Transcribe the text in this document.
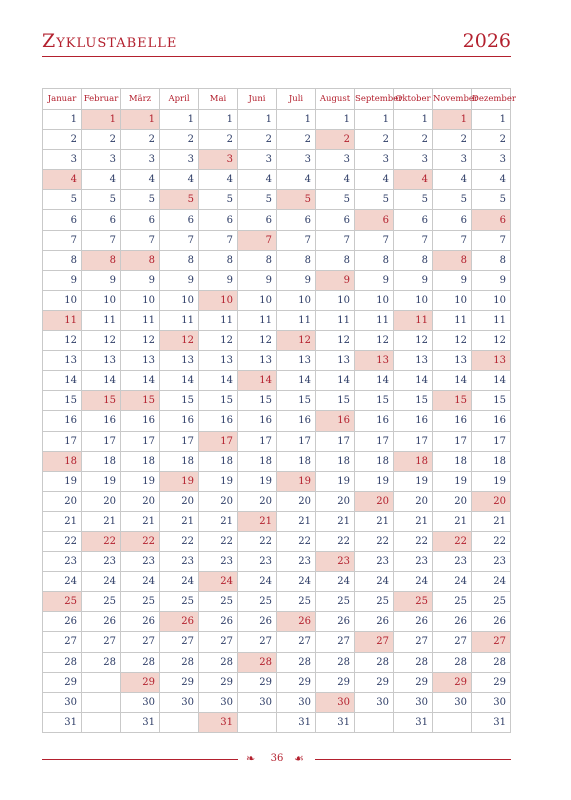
Zyklustabelle	2026
Januar	Februar	März	April	Mai	Juni	Juli	August	September	Oktober	November	Dezember
1	1	1	1	1	1	1	1	1	1	1	1
2	2	2	2	2	2	2	2	2	2	2	2
3	3	3	3	3	3	3	3	3	3	3	3
4	4	4	4	4	4	4	4	4	4	4	4
5	5	5	5	5	5	5	5	5	5	5	5
6	6	6	6	6	6	6	6	6	6	6	6
7	7	7	7	7	7	7	7	7	7	7	7
8	8	8	8	8	8	8	8	8	8	8	8
9	9	9	9	9	9	9	9	9	9	9	9
10	10	10	10	10	10	10	10	10	10	10	10
11	11	11	11	11	11	11	11	11	11	11	11
12	12	12	12	12	12	12	12	12	12	12	12
13	13	13	13	13	13	13	13	13	13	13	13
14	14	14	14	14	14	14	14	14	14	14	14
15	15	15	15	15	15	15	15	15	15	15	15
16	16	16	16	16	16	16	16	16	16	16	16
17	17	17	17	17	17	17	17	17	17	17	17
18	18	18	18	18	18	18	18	18	18	18	18
19	19	19	19	19	19	19	19	19	19	19	19
20	20	20	20	20	20	20	20	20	20	20	20
21	21	21	21	21	21	21	21	21	21	21	21
22	22	22	22	22	22	22	22	22	22	22	22
23	23	23	23	23	23	23	23	23	23	23	23
24	24	24	24	24	24	24	24	24	24	24	24
25	25	25	25	25	25	25	25	25	25	25	25
26	26	26	26	26	26	26	26	26	26	26	26
27	27	27	27	27	27	27	27	27	27	27	27
28	28	28	28	28	28	28	28	28	28	28	28
29		29	29	29	29	29	29	29	29	29	29
30		30	30	30	30	30	30	30	30	30	30
31		31		31		31	31		31		31
❧	36 ☙
